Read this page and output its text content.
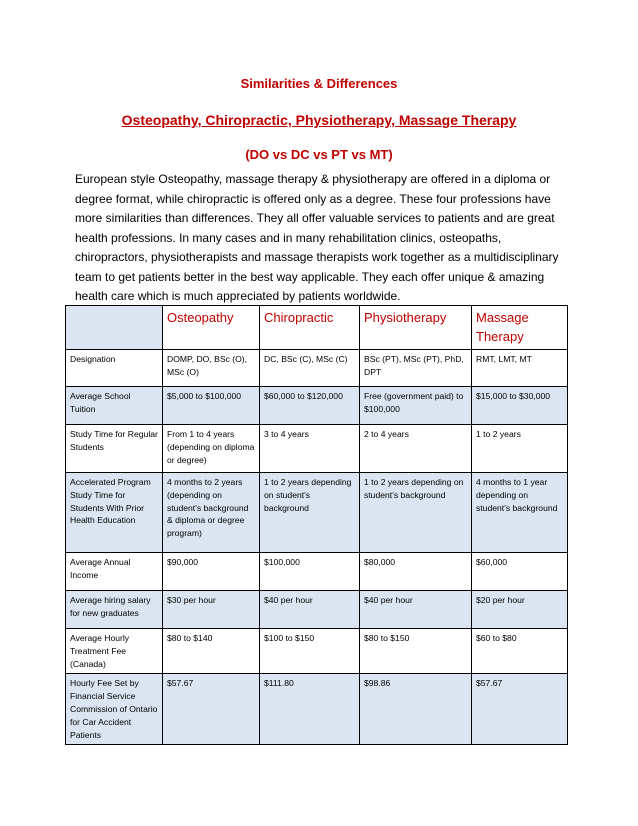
Similarities & Differences
Osteopathy, Chiropractic, Physiotherapy, Massage Therapy
(DO vs DC vs PT vs MT)

European style Osteopathy, massage therapy & physiotherapy are offered in a diploma or degree format, while chiropractic is offered only as a degree. These four professions have more similarities than differences. They all offer valuable services to patients and are great health professions. In many cases and in many rehabilitation clinics, osteopaths, chiropractors, physiotherapists and massage therapists work together as a multidisciplinary team to get patients better in the best way applicable. They each offer unique & amazing health care which is much appreciated by patients worldwide.

	Osteopathy	Chiropractic	Physiotherapy	Massage Therapy
Designation	DOMP, DO, BSc (O), MSc (O)	DC, BSc (C), MSc (C)	BSc (PT), MSc (PT), PhD, DPT	RMT, LMT, MT
Average School Tuition	$5,000 to $100,000	$60,000 to $120,000	Free (government paid) to $100,000	$15,000 to $30,000
Study Time for Regular Students	From 1 to 4 years (depending on diploma or degree)	3 to 4 years	2 to 4 years	1 to 2 years
Accelerated Program Study Time for Students With Prior Health Education	4 months to 2 years (depending on student's background & diploma or degree program)	1 to 2 years depending on student's background	1 to 2 years depending on student's background	4 months to 1 year depending on student's background
Average Annual Income	$90,000	$100,000	$80,000	$60,000
Average hiring salary for new graduates	$30 per hour	$40 per hour	$40 per hour	$20 per hour
Average Hourly Treatment Fee (Canada)	$80 to $140	$100 to $150	$80 to $150	$60 to $80
Hourly Fee Set by Financial Service Commission of Ontario for Car Accident Patients	$57.67	$111.80	$98.86	$57.67
